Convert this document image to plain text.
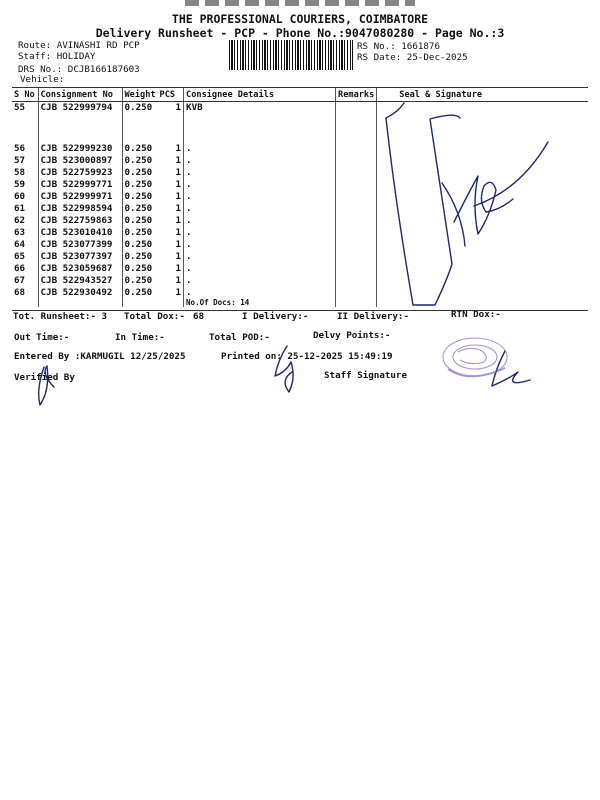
THE PROFESSIONAL COURIERS, COIMBATORE
Delivery Runsheet - PCP - Phone No.:9047080280 - Page No.:3
Route: AVINASHI RD PCP
Staff: HOLIDAY
DRS No.: DCJB166187603
Vehicle:
RS No.: 1661876
RS Date: 25-Dec-2025
S No	Consignment No	Weight	PCS	Consignee Details	Remarks	Seal & Signature
55	CJB 522999794	0.250	1	KVB		
56	CJB 522999230	0.250	1	.		
57	CJB 523000897	0.250	1	.		
58	CJB 522759923	0.250	1	.		
59	CJB 522999771	0.250	1	.		
60	CJB 522999971	0.250	1	.		
61	CJB 522998594	0.250	1	.		
62	CJB 522759863	0.250	1	.		
63	CJB 523010410	0.250	1	.		
64	CJB 523077399	0.250	1	.		
65	CJB 523077397	0.250	1	.		
66	CJB 523059687	0.250	1	.		
67	CJB 522943527	0.250	1	.		
68	CJB 522930492	0.250	1	.		
				No.Of Docs: 14		
Tot. Runsheet:- 3 Total Dox:- 68	I Delivery:-	II Delivery:-	RTN Dox:-
Out Time:-	In Time:-	Total POD:-	Delvy Points:-
Entered By :KARMUGIL 12/25/2025	Printed on: 25-12-2025 15:49:19
Verified By	Staff Signature
